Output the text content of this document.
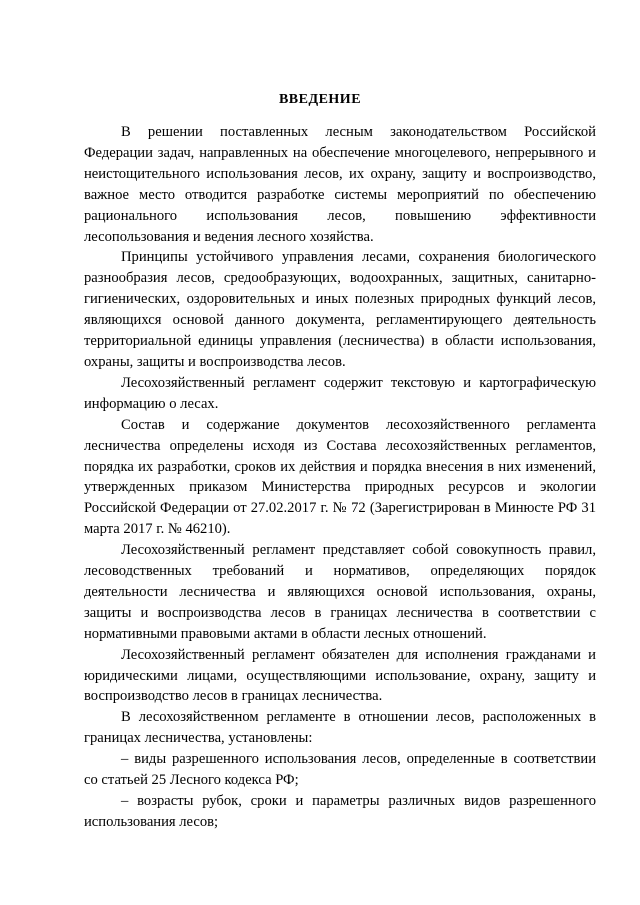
ВВЕДЕНИЕ

В решении поставленных лесным законодательством Российской Федерации задач, направленных на обеспечение многоцелевого, непрерывного и неистощительного использования лесов, их охрану, защиту и воспроизводство, важное место отводится разработке системы мероприятий по обеспечению рационального использования лесов, повышению эффективности лесопользования и ведения лесного хозяйства.

Принципы устойчивого управления лесами, сохранения биологического разнообразия лесов, средообразующих, водоохранных, защитных, санитарно-гигиенических, оздоровительных и иных полезных природных функций лесов, являющихся основой данного документа, регламентирующего деятельность территориальной единицы управления (лесничества) в области использования, охраны, защиты и воспроизводства лесов.

Лесохозяйственный регламент содержит текстовую и картографическую информацию о лесах.

Состав и содержание документов лесохозяйственного регламента лесничества определены исходя из Состава лесохозяйственных регламентов, порядка их разработки, сроков их действия и порядка внесения в них изменений, утвержденных приказом Министерства природных ресурсов и экологии Российской Федерации от 27.02.2017 г. № 72 (Зарегистрирован в Минюсте РФ 31 марта 2017 г. № 46210).

Лесохозяйственный регламент представляет собой совокупность правил, лесоводственных требований и нормативов, определяющих порядок деятельности лесничества и являющихся основой использования, охраны, защиты и воспроизводства лесов в границах лесничества в соответствии с нормативными правовыми актами в области лесных отношений.

Лесохозяйственный регламент обязателен для исполнения гражданами и юридическими лицами, осуществляющими использование, охрану, защиту и воспроизводство лесов в границах лесничества.

В лесохозяйственном регламенте в отношении лесов, расположенных в границах лесничества, установлены:

– виды разрешенного использования лесов, определенные в соответствии со статьей 25 Лесного кодекса РФ;

– возрасты рубок, сроки и параметры различных видов разрешенного использования лесов;
